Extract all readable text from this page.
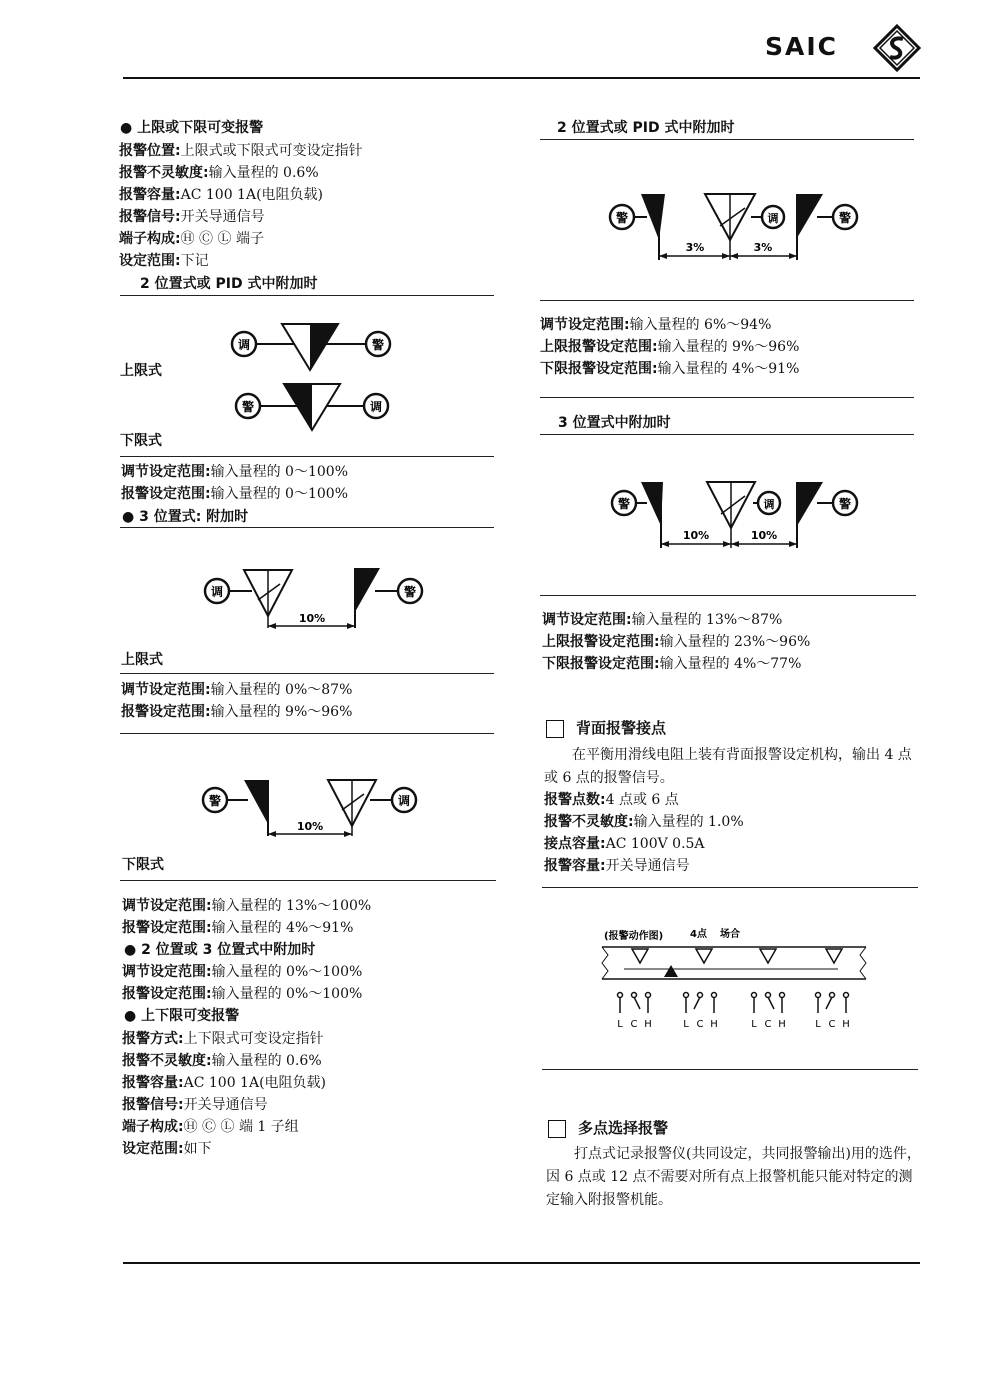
SAIC
● 上限或下限可变报警
报警位置:上限式或下限式可变设定指针
报警不灵敏度:输入量程的 0.6%
报警容量:AC 100 1A(电阻负载)
报警信号:开关导通信号
端子构成:Ⓗ Ⓒ Ⓛ 端子
设定范围:下记
2 位置式或 PID 式中附加时
调	警
警	调
上限式
下限式
调节设定范围:输入量程的 0～100%
报警设定范围:输入量程的 0～100%
● 3 位置式: 附加时
调	警
10%
上限式
调节设定范围:输入量程的 0%～87%
报警设定范围:输入量程的 9%～96%
警	调
10%
下限式
调节设定范围:输入量程的 13%～100%
报警设定范围:输入量程的 4%～91%
● 2 位置或 3 位置式中附加时
调节设定范围:输入量程的 0%～100%
报警设定范围:输入量程的 0%～100%
● 上下限可变报警
报警方式:上下限式可变设定指针
报警不灵敏度:输入量程的 0.6%
报警容量:AC 100 1A(电阻负载)
报警信号:开关导通信号
端子构成:Ⓗ Ⓒ Ⓛ 端 1 子组
设定范围:如下
2 位置式或 PID 式中附加时
警	调	警
3%	3%
调节设定范围:输入量程的 6%～94%
上限报警设定范围:输入量程的 9%～96%
下限报警设定范围:输入量程的 4%～91%
3 位置式中附加时
警	调	警
10%	10%
调节设定范围:输入量程的 13%～87%
上限报警设定范围:输入量程的 23%～96%
下限报警设定范围:输入量程的 4%～77%
背面报警接点
在平衡用滑线电阻上装有背面报警设定机构，输出 4 点或 6 点的报警信号。
报警点数:4 点或 6 点
报警不灵敏度:输入量程的 1.0%
接点容量:AC 100V 0.5A
报警容量:开关导通信号
(报警动作图)	4点 场合
L C H	L C H	L C H	L C H
多点选择报警
打点式记录报警仪(共同设定，共同报警输出)用的选件，因 6 点或 12 点不需要对所有点上报警机能只能对特定的测定输入附报警机能。
